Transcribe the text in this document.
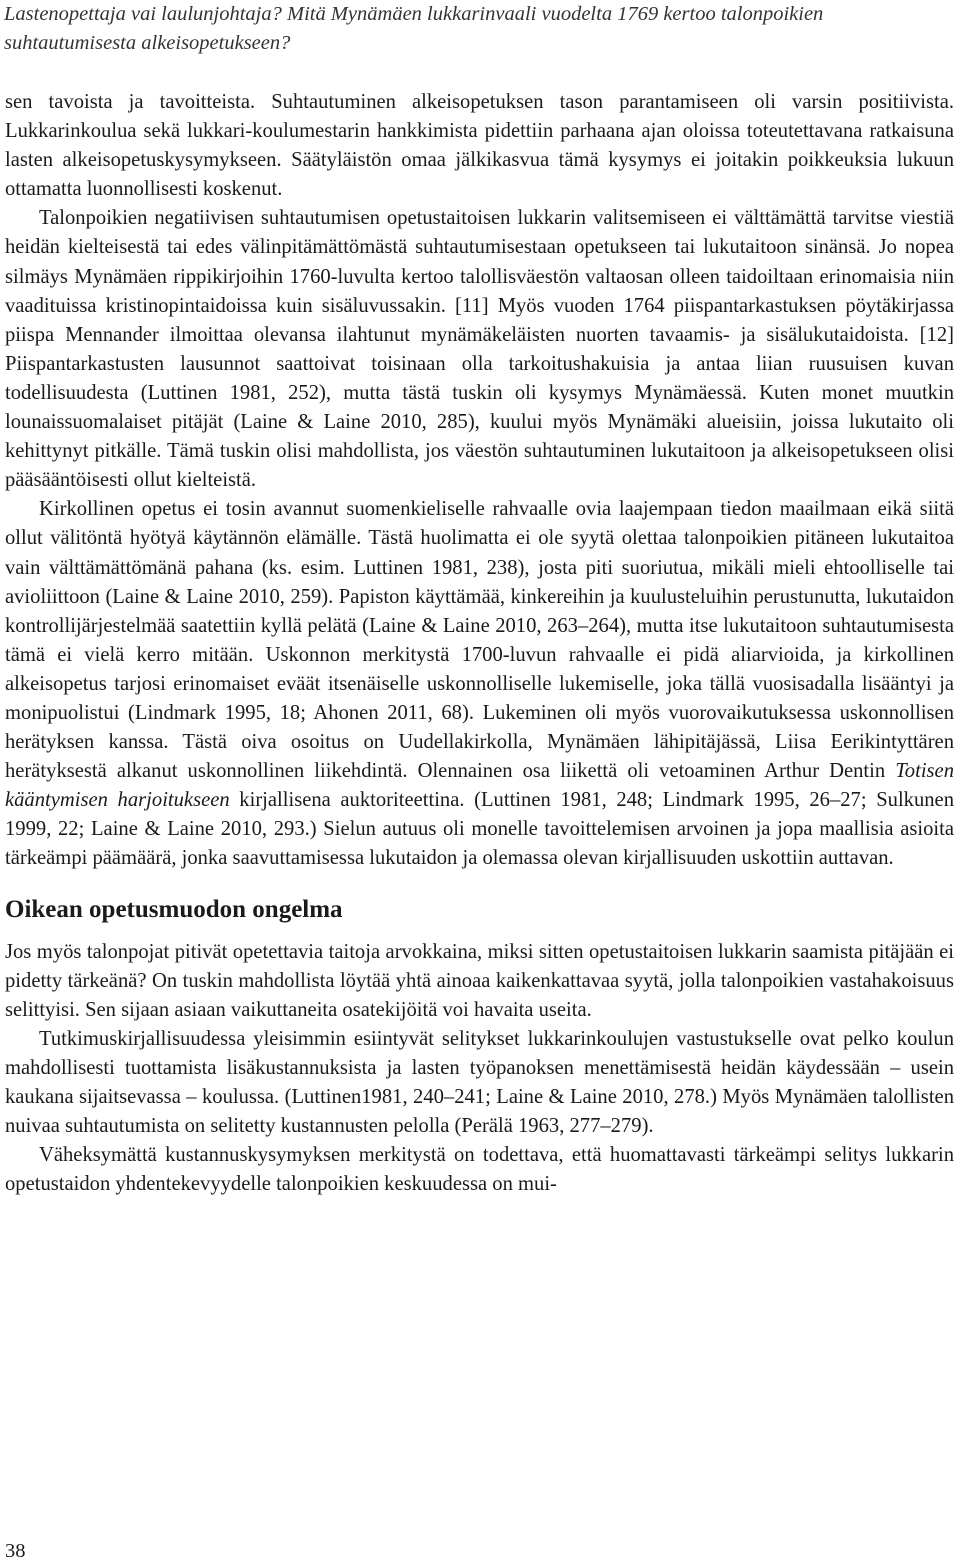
Lastenopettaja vai laulunjohtaja? Mitä Mynämäen lukkarinvaali vuodelta 1769 kertoo talonpoikien suhtautumisesta alkeisopetukseen?

sen tavoista ja tavoitteista. Suhtautuminen alkeisopetuksen tason parantamiseen oli varsin positiivista. Lukkarinkoulua sekä lukkari-koulumestarin hankkimista pidettiin parhaana ajan oloissa toteutettavana ratkaisuna lasten alkeisopetuskysymykseen. Säätyläistön omaa jälkikasvua tämä kysymys ei joitakin poikkeuksia lukuun ottamatta luonnollisesti koskenut.

Talonpoikien negatiivisen suhtautumisen opetustaitoisen lukkarin valitsemiseen ei välttämättä tarvitse viestiä heidän kielteisestä tai edes välinpitämättömästä suhtautumisestaan opetukseen tai lukutaitoon sinänsä. Jo nopea silmäys Mynämäen rippikirjoihin 1760-luvulta kertoo talollisväestön valtaosan olleen taidoiltaan erinomaisia niin vaadituissa kristinopintaidoissa kuin sisäluvussakin. [11] Myös vuoden 1764 piispantarkastuksen pöytäkirjassa piispa Mennander ilmoittaa olevansa ilahtunut mynämäkeläisten nuorten tavaamis- ja sisälukutaidoista. [12] Piispantarkastusten lausunnot saattoivat toisinaan olla tarkoitushakuisia ja antaa liian ruusuisen kuvan todellisuudesta (Luttinen 1981, 252), mutta tästä tuskin oli kysymys Mynämäessä. Kuten monet muutkin lounaissuomalaiset pitäjät (Laine & Laine 2010, 285), kuului myös Mynämäki alueisiin, joissa lukutaito oli kehittynyt pitkälle. Tämä tuskin olisi mahdollista, jos väestön suhtautuminen lukutaitoon ja alkeisopetukseen olisi pääsääntöisesti ollut kielteistä.

Kirkollinen opetus ei tosin avannut suomenkieliselle rahvaalle ovia laajempaan tiedon maailmaan eikä siitä ollut välitöntä hyötyä käytännön elämälle. Tästä huolimatta ei ole syytä olettaa talonpoikien pitäneen lukutaitoa vain välttämättömänä pahana (ks. esim. Luttinen 1981, 238), josta piti suoriutua, mikäli mieli ehtoolliselle tai avioliittoon (Laine & Laine 2010, 259). Papiston käyttämää, kinkereihin ja kuulusteluihin perustunutta, lukutaidon kontrollijärjestelmää saatettiin kyllä pelätä (Laine & Laine 2010, 263–264), mutta itse lukutaitoon suhtautumisesta tämä ei vielä kerro mitään. Uskonnon merkitystä 1700-luvun rahvaalle ei pidä aliarvioida, ja kirkollinen alkeisopetus tarjosi erinomaiset eväät itsenäiselle uskonnolliselle lukemiselle, joka tällä vuosisadalla lisääntyi ja monipuolistui (Lindmark 1995, 18; Ahonen 2011, 68). Lukeminen oli myös vuorovaikutuksessa uskonnollisen herätyksen kanssa. Tästä oiva osoitus on Uudellakirkolla, Mynämäen lähipitäjässä, Liisa Eerikintyttären herätyksestä alkanut uskonnollinen liikehdintä. Olennainen osa liikettä oli vetoaminen Arthur Dentin Totisen kääntymisen harjoitukseen kirjallisena auktoriteettina. (Luttinen 1981, 248; Lindmark 1995, 26–27; Sulkunen 1999, 22; Laine & Laine 2010, 293.) Sielun autuus oli monelle tavoittelemisen arvoinen ja jopa maallisia asioita tärkeämpi päämäärä, jonka saavuttamisessa lukutaidon ja olemassa olevan kirjallisuuden uskottiin auttavan.

Oikean opetusmuodon ongelma

Jos myös talonpojat pitivät opetettavia taitoja arvokkaina, miksi sitten opetustaitoisen lukkarin saamista pitäjään ei pidetty tärkeänä? On tuskin mahdollista löytää yhtä ainoaa kaikenkattavaa syytä, jolla talonpoikien vastahakoisuus selittyisi. Sen sijaan asiaan vaikuttaneita osatekijöitä voi havaita useita.

Tutkimuskirjallisuudessa yleisimmin esiintyvät selitykset lukkarinkoulujen vastustukselle ovat pelko koulun mahdollisesti tuottamista lisäkustannuksista ja lasten työpanoksen menettämisestä heidän käydessään – usein kaukana sijaitsevassa – koulussa. (Luttinen1981, 240–241; Laine & Laine 2010, 278.) Myös Mynämäen talollisten nuivaa suhtautumista on selitetty kustannusten pelolla (Perälä 1963, 277–279).

Väheksymättä kustannuskysymyksen merkitystä on todettava, että huomattavasti tärkeämpi selitys lukkarin opetustaidon yhdentekevyydelle talonpoikien keskuudessa on mui-

38
